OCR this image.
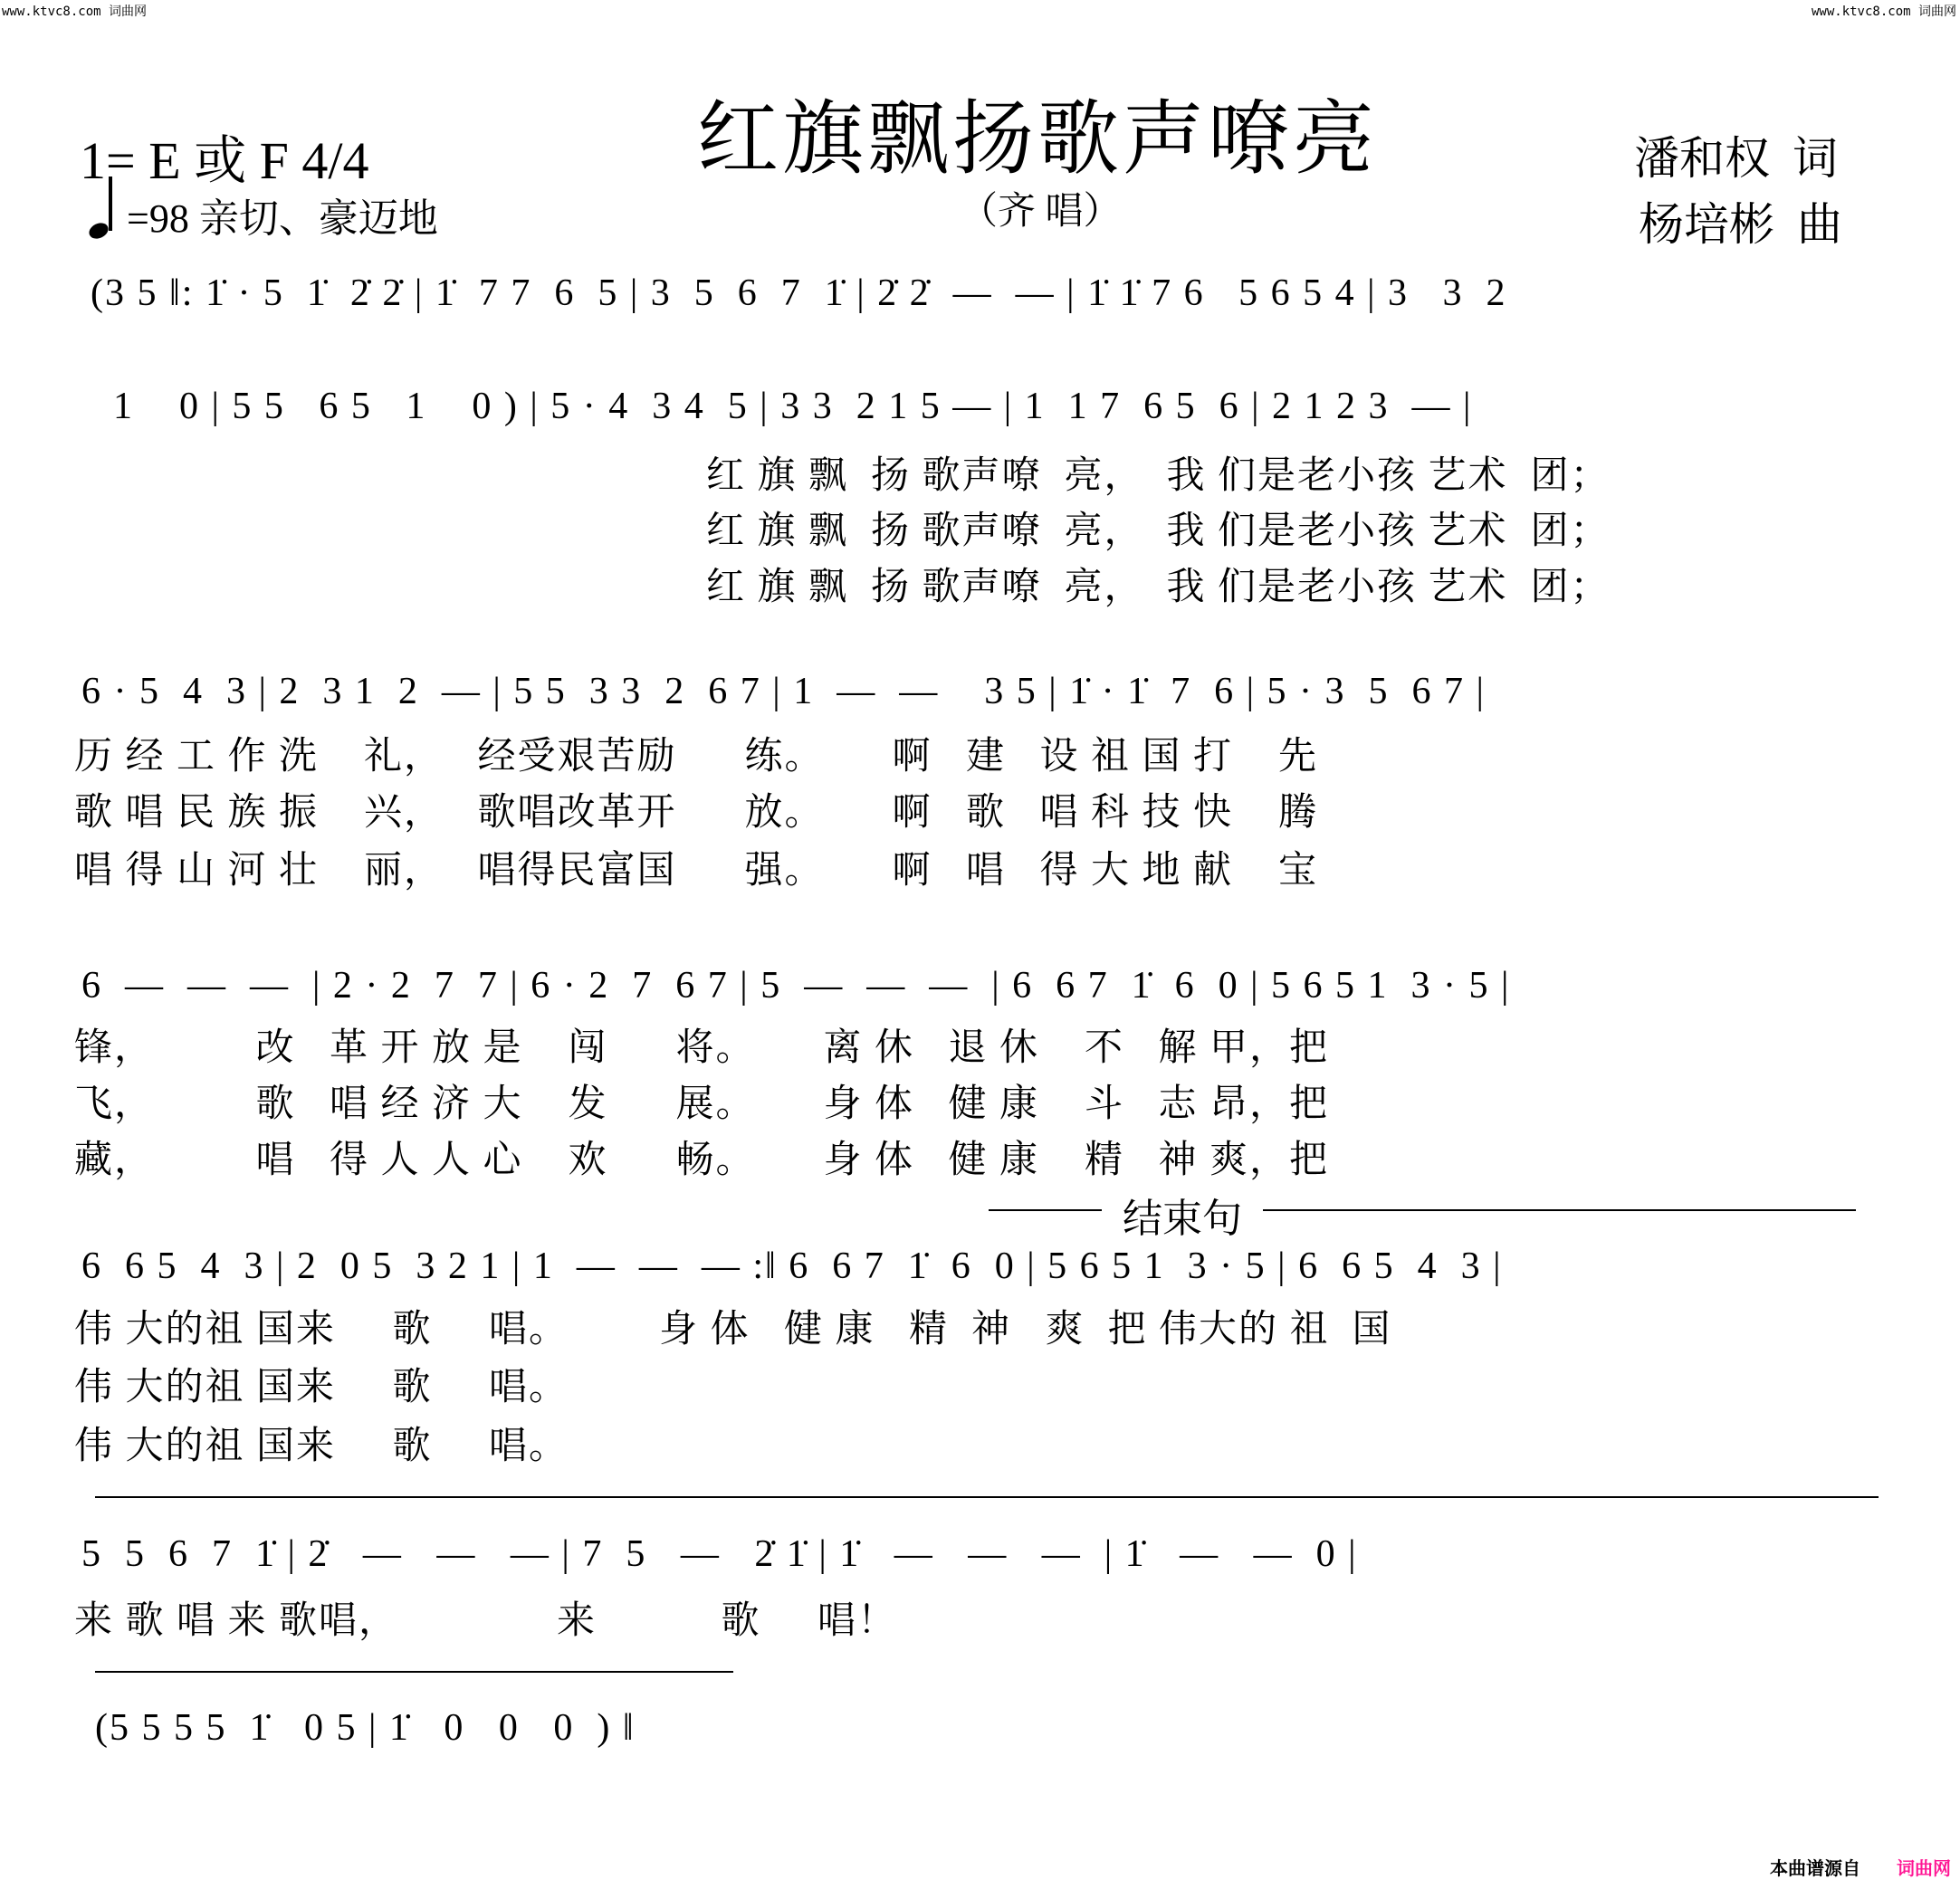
www.ktvc8.com 词曲网	www.ktvc8.com 词曲网
红旗飘扬歌声嘹亮
1= E 或 F 4/4
=98 亲切、豪迈地	（齐 唱）
潘和权  词
杨培彬  曲
(3 5 ‖: 1̇ · 5  1̇  2̇ 2̇ | 1̇  7 7  6  5 | 3  5  6  7  1̇ | 2̇ 2̇  —  — | 1̇ 1̇ 7 6   5 6 5 4 | 3   3  2
1    0 | 5 5   6 5   1    0 ) | 5 · 4  3 4  5 | 3 3  2 1 5 — | 1  1 7  6 5  6 | 2 1 2 3  — |
红 旗 飘  扬 歌声嘹  亮，  我 们是老小孩 艺术  团；
红 旗 飘  扬 歌声嘹  亮，  我 们是老小孩 艺术  团；
红 旗 飘  扬 歌声嘹  亮，  我 们是老小孩 艺术  团；
6 · 5  4  3 | 2  3 1  2  — | 5 5  3 3  2  6 7 | 1  —  —    3 5 | 1̇ · 1̇  7  6 | 5 · 3  5  6 7 |
历 经 工 作 洗    礼，   经受艰苦励      练。      啊   建   设 祖 国 打    先
歌 唱 民 族 振    兴，   歌唱改革开      放。      啊   歌   唱 科 技 快    腾
唱 得 山 河 壮    丽，   唱得民富国      强。      啊   唱   得 大 地 献    宝
6  —  —  —  | 2 · 2  7  7 | 6 · 2  7  6 7 | 5  —  —  —  | 6  6 7  1̇  6  0 | 5 6 5 1  3 · 5 |
锋，         改   革 开 放 是    闯      将。      离 休   退 休    不   解 甲，把
飞，         歌   唱 经 济 大    发      展。      身 体   健 康    斗   志 昂，把
藏，         唱   得 人 人 心    欢      畅。      身 体   健 康    精   神 爽，把
结束句
6  6 5  4  3 | 2  0 5  3 2 1 | 1  —  —  — :‖ 6  6 7  1̇  6  0 | 5 6 5 1  3 · 5 | 6  6 5  4  3 |
伟 大的祖 国来     歌     唱。        身 体   健 康   精  神   爽  把 伟大的 祖  国
伟 大的祖 国来     歌     唱。
伟 大的祖 国来     歌     唱。
5  5  6  7  1̇ | 2̇   —   —   — | 7  5   —   2̇ 1̇ | 1̇   —   —   —  | 1̇   —   —  0 |
来 歌 唱 来 歌唱，              来           歌     唱！
(5 5 5 5  1̇   0 5 | 1̇   0   0   0  ) ‖
本曲谱源自 词曲网
